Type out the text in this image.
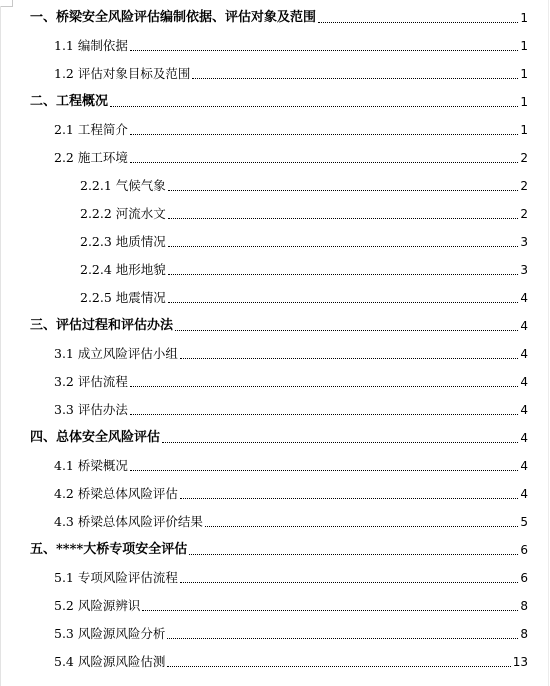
一、桥梁安全风险评估编制依据、评估对象及范围	1
1.1 编制依据	1
1.2 评估对象目标及范围	1
二、工程概况	1
2.1 工程简介	1
2.2 施工环境	2
2.2.1 气候气象	2
2.2.2 河流水文	2
2.2.3 地质情况	3
2.2.4 地形地貌	3
2.2.5 地震情况	4
三、评估过程和评估办法	4
3.1 成立风险评估小组	4
3.2 评估流程	4
3.3 评估办法	4
四、总体安全风险评估	4
4.1 桥梁概况	4
4.2 桥梁总体风险评估	4
4.3 桥梁总体风险评价结果	5
五、****大桥专项安全评估	6
5.1 专项风险评估流程	6
5.2 风险源辨识	8
5.3 风险源风险分析	8
5.4 风险源风险估测	13
